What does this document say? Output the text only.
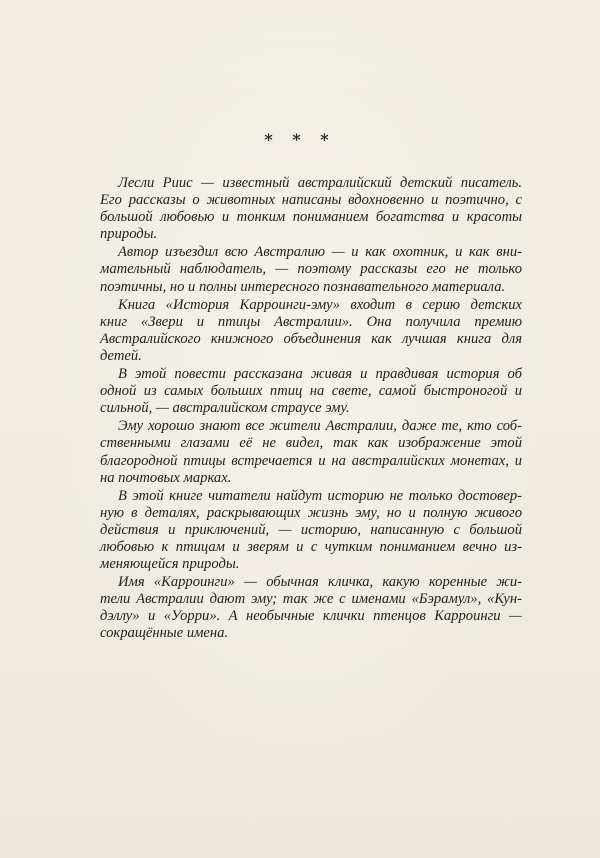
* * *
Лесли Риис — известный австралийский детский писатель.
Его рассказы о животных написаны вдохновенно и поэтично, с
большой любовью и тонким пониманием богатства и красоты
природы.
Автор изъездил всю Австралию — и как охотник, и как вни-
мательный наблюдатель, — поэтому рассказы его не только
поэтичны, но и полны интересного познавательного материала.
Книга «История Карроинги-эму» входит в серию детских
книг «Звери и птицы Австралии». Она получила премию
Австралийского книжного объединения как лучшая книга для
детей.
В этой повести рассказана живая и правдивая история об
одной из самых больших птиц на свете, самой быстроногой и
сильной, — австралийском страусе эму.
Эму хорошо знают все жители Австралии, даже те, кто соб-
ственными глазами её не видел, так как изображение этой
благородной птицы встречается и на австралийских монетах, и
на почтовых марках.
В этой книге читатели найдут историю не только достовер-
ную в деталях, раскрывающих жизнь эму, но и полную живого
действия и приключений, — историю, написанную с большой
любовью к птицам и зверям и с чутким пониманием вечно из-
меняющейся природы.
Имя «Карроинги» — обычная кличка, какую коренные жи-
тели Австралии дают эму; так же с именами «Бэрамул», «Кун-
дэллу» и «Уорри». А необычные клички птенцов Карроинги —
сокращённые имена.
